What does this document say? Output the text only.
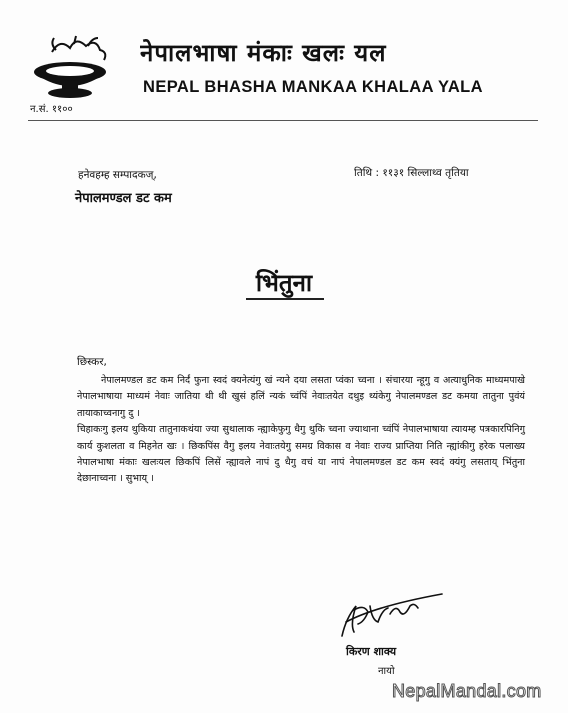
नेपालभाषा मंकाः खलः यल
NEPAL BHASHA MANKAA KHALAA YALA
न.सं. ११००
हनेवहम्ह सम्पादकज्,
नेपालमण्डल डट कम
तिथि : ११३१ सिल्लाथ्व तृतिया
भिंतुना
छिस्कर,

नेपालमण्डल डट कम निर्दं फुना स्वदं क्यनेत्यंगु खं न्यने दया लसता प्वंका च्वना । संचारया न्हूगु व अत्याधुनिक माध्यमपाखे नेपालभाषाया माध्यमं नेवाः जातिया थी थी खुसं हलिं न्यकं च्वंपिं नेवाःतयेत दथुइ थ्यंकेगु नेपालमण्डल डट कमया तातुना पुवंयं तायाकाच्वनागु दु ।

चिहाकःगु इलय थुकिया तातुनाकथंया ज्या सुथालाक न्ह्याकेफुगु धैगु थुकि च्वना ज्याथाना च्वंपिं नेपालभाषाया त्यायम्ह पत्रकारपिनिगु कार्य कुशलता व मिहनेत खः । छिकपिंस वैगु इलय नेवाःतयेगु समग्र विकास व नेवाः राज्य प्राप्तिया निति न्ह्यांकीगु हरेक पलाख्य नेपालभाषा मंकाः खलःयल छिकपिं लिसें न्ह्यावले नापं दु धैगु वचं या नापं नेपालमण्डल डट कम स्वदं क्यंगु लसताय् भिंतुना देछानाच्वना । सुभाय् ।

किरण शाक्य
नायो
NepalMandal.com
